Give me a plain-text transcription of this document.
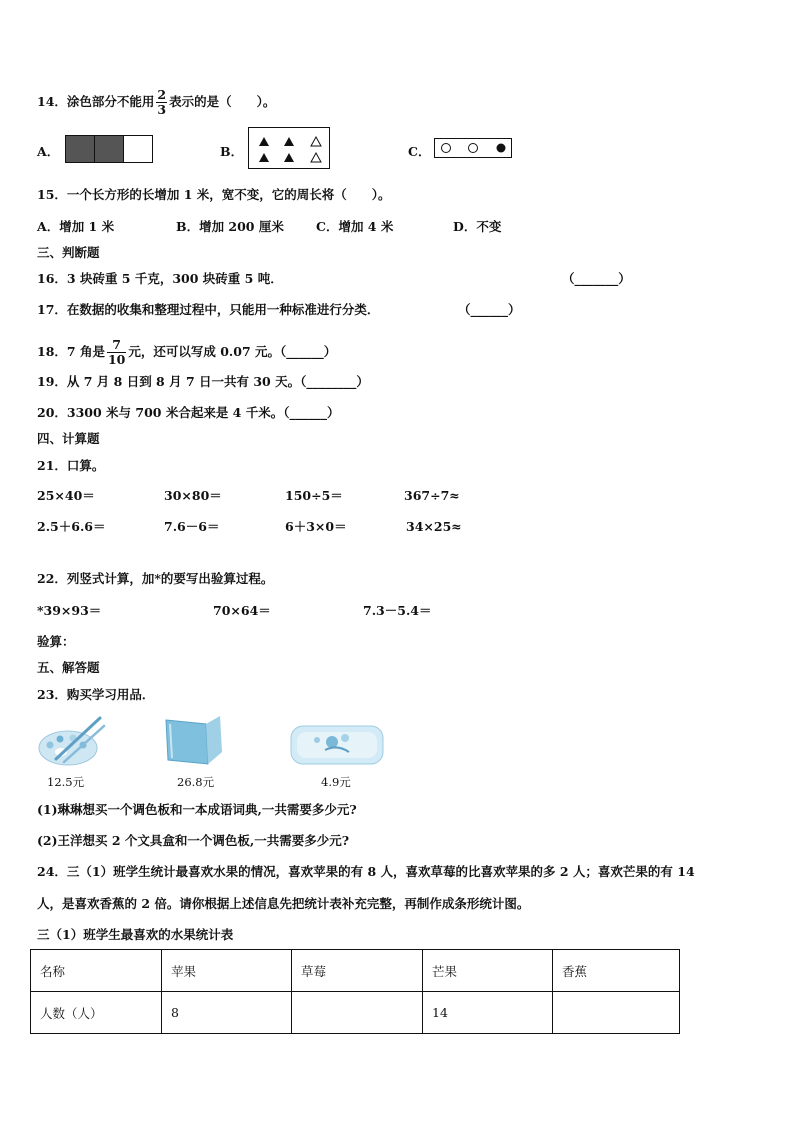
14．涂色部分不能用 $\frac{2}{3}$ 表示的是（　　）。
A．	B．	C．
15．一个长方形的长增加 1 米，宽不变，它的周长将（　　）。
A．增加 1 米	B．增加 200 厘米	C．增加 4 米	D．不变
三、判断题
16．3 块砖重 5 千克，300 块砖重 5 吨．	（_______）
17．在数据的收集和整理过程中，只能用一种标准进行分类．	（______）
18．7 角是 $\frac{7}{10}$ 元，还可以写成 0.07 元。（______）
19．从 7 月 8 日到 8 月 7 日一共有 30 天。（________）
20．3300 米与 700 米合起来是 4 千米。（______）
四、计算题
21．口算。
25×40＝	30×80＝	150÷5＝	367÷7≈
2.5＋6.6＝	7.6－6＝	6＋3×0＝	34×25≈
22．列竖式计算，加*的要写出验算过程。
*39×93＝	70×64＝	7.3－5.4＝
验算：
五、解答题
23．购买学习用品．
12.5元	26.8元	4.9元
(1)琳琳想买一个调色板和一本成语词典,一共需要多少元?
(2)王洋想买 2 个文具盒和一个调色板,一共需要多少元?
24．三（1）班学生统计最喜欢水果的情况，喜欢苹果的有 8 人，喜欢草莓的比喜欢苹果的多 2 人；喜欢芒果的有 14
人，是喜欢香蕉的 2 倍。请你根据上述信息先把统计表补充完整，再制作成条形统计图。
三（1）班学生最喜欢的水果统计表
名称	苹果	草莓	芒果	香蕉
人数（人）	8		14	
